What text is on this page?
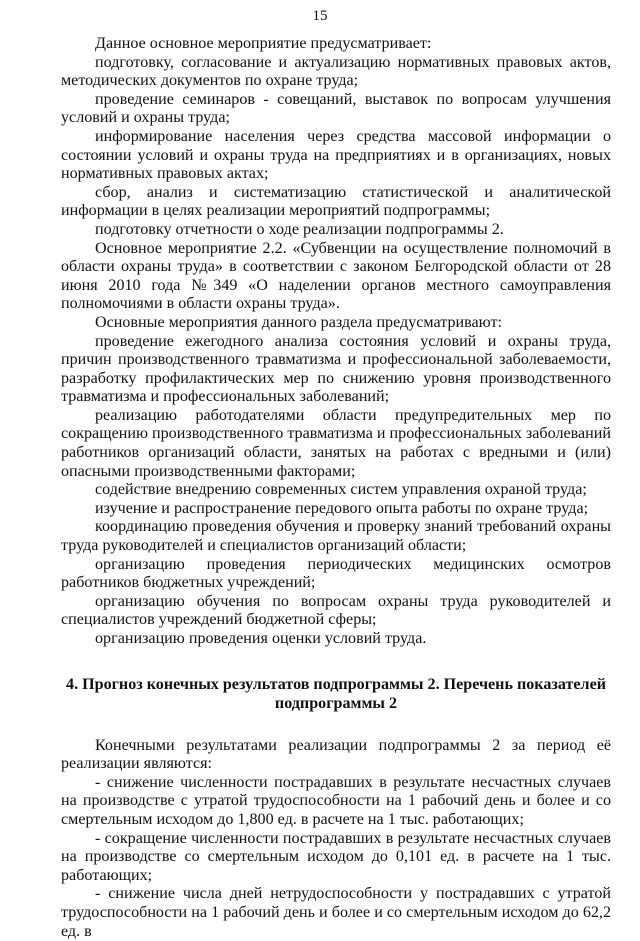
15

Данное основное мероприятие предусматривает:

подготовку, согласование и актуализацию нормативных правовых актов, методических документов по охране труда;

проведение семинаров - совещаний, выставок по вопросам улучшения условий и охраны труда;

информирование населения через средства массовой информации о состоянии условий и охраны труда на предприятиях и в организациях, новых нормативных правовых актах;

сбор, анализ и систематизацию статистической и аналитической информации в целях реализации мероприятий подпрограммы;

подготовку отчетности о ходе реализации подпрограммы 2.

Основное мероприятие 2.2. «Субвенции на осуществление полномочий в области охраны труда» в соответствии с законом Белгородской области от 28 июня 2010 года №349 «О наделении органов местного самоуправления полномочиями в области охраны труда».

Основные мероприятия данного раздела предусматривают:

проведение ежегодного анализа состояния условий и охраны труда, причин производственного травматизма и профессиональной заболеваемости, разработку профилактических мер по снижению уровня производственного травматизма и профессиональных заболеваний;

реализацию работодателями области предупредительных мер по сокращению производственного травматизма и профессиональных заболеваний работников организаций области, занятых на работах с вредными и (или) опасными производственными факторами;

содействие внедрению современных систем управления охраной труда;

изучение и распространение передового опыта работы по охране труда;

координацию проведения обучения и проверку знаний требований охраны труда руководителей и специалистов организаций области;

организацию проведения периодических медицинских осмотров работников бюджетных учреждений;

организацию обучения по вопросам охраны труда руководителей и специалистов учреждений бюджетной сферы;

организацию проведения оценки условий труда.

4. Прогноз конечных результатов подпрограммы 2. Перечень показателей подпрограммы 2

Конечными результатами реализации подпрограммы 2 за период её реализации являются:

- снижение численности пострадавших в результате несчастных случаев на производстве с утратой трудоспособности на 1 рабочий день и более и со смертельным исходом до 1,800 ед. в расчете на 1 тыс. работающих;

- сокращение численности пострадавших в результате несчастных случаев на производстве со смертельным исходом до 0,101 ед. в расчете на 1 тыс. работающих;

- снижение числа дней нетрудоспособности у пострадавших с утратой трудоспособности на 1 рабочий день и более и со смертельным исходом до 62,2 ед. в
